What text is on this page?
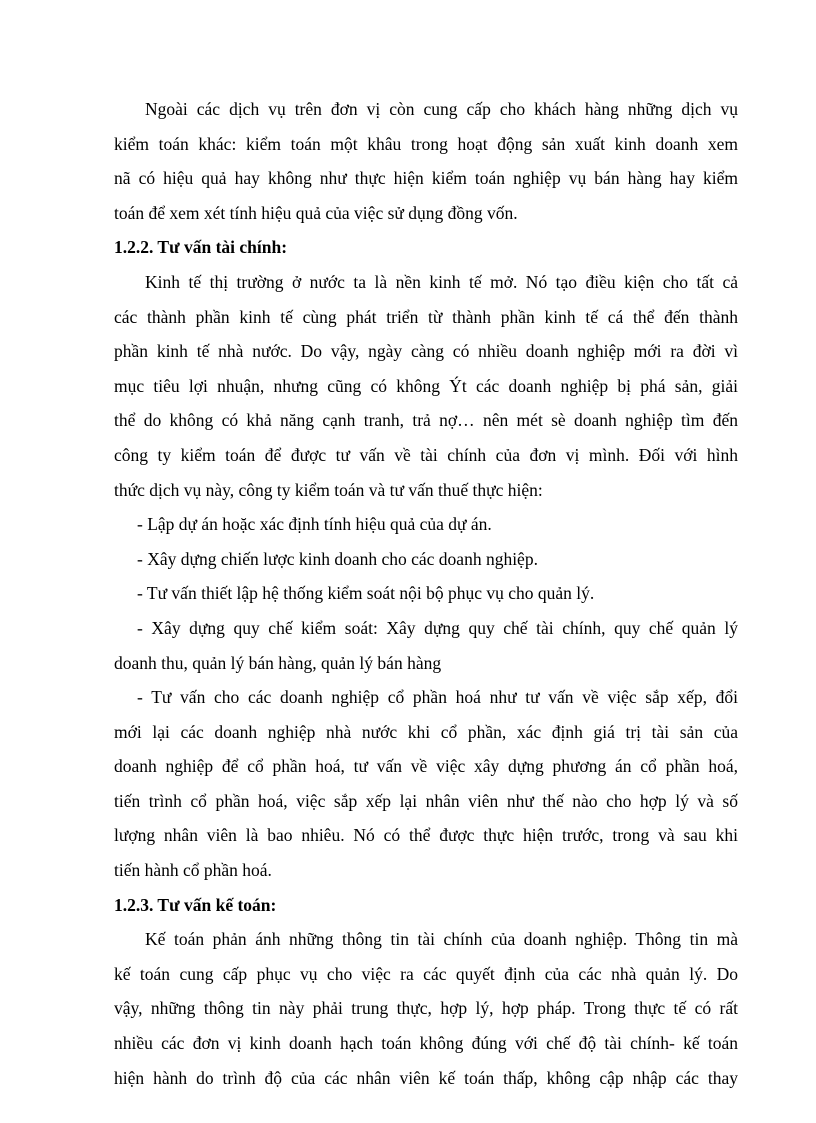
Ngoài các dịch vụ trên đơn vị còn cung cấp cho khách hàng những dịch vụ
kiểm toán khác: kiểm toán một khâu trong hoạt động sản xuất kinh doanh xem
nã có hiệu quả hay không như thực hiện kiểm toán nghiệp vụ bán hàng hay kiểm
toán để xem xét tính hiệu quả của việc sử dụng đồng vốn.
1.2.2. Tư vấn tài chính:
Kinh tế thị trường ở nước ta là nền kinh tế mở. Nó tạo điều kiện cho tất cả
các thành phần kinh tế cùng phát triển từ thành phần kinh tế cá thể đến thành
phần kinh tế nhà nước. Do vậy, ngày càng có nhiều doanh nghiệp mới ra đời vì
mục tiêu lợi nhuận, nhưng cũng có không Ýt các doanh nghiệp bị phá sản, giải
thể do không có khả năng cạnh tranh, trả nợ… nên mét sè doanh nghiệp tìm đến
công ty kiểm toán để được tư vấn về tài chính của đơn vị mình. Đối với hình
thức dịch vụ này, công ty kiểm toán và tư vấn thuế thực hiện:
- Lập dự án hoặc xác định tính hiệu quả của dự án.
- Xây dựng chiến lược kinh doanh cho các doanh nghiệp.
- Tư vấn thiết lập hệ thống kiểm soát nội bộ phục vụ cho quản lý.
- Xây dựng quy chế kiểm soát: Xây dựng quy chế tài chính, quy chế quản lý
doanh thu, quản lý bán hàng, quản lý bán hàng
- Tư vấn cho các doanh nghiệp cổ phần hoá như tư vấn về việc sắp xếp, đổi
mới lại các doanh nghiệp nhà nước khi cổ phần, xác định giá trị tài sản của
doanh nghiệp để cổ phần hoá, tư vấn về việc xây dựng phương án cổ phần hoá,
tiến trình cổ phần hoá, việc sắp xếp lại nhân viên như thế nào cho hợp lý và số
lượng nhân viên là bao nhiêu. Nó có thể được thực hiện trước, trong và sau khi
tiến hành cổ phần hoá.
1.2.3. Tư vấn kế toán:
Kế toán phản ánh những thông tin tài chính của doanh nghiệp. Thông tin mà
kế toán cung cấp phục vụ cho việc ra các quyết định của các nhà quản lý. Do
vậy, những thông tin này phải trung thực, hợp lý, hợp pháp. Trong thực tế có rất
nhiều các đơn vị kinh doanh hạch toán không đúng với chế độ tài chính- kế toán
hiện hành do trình độ của các nhân viên kế toán thấp, không cập nhập các thay
